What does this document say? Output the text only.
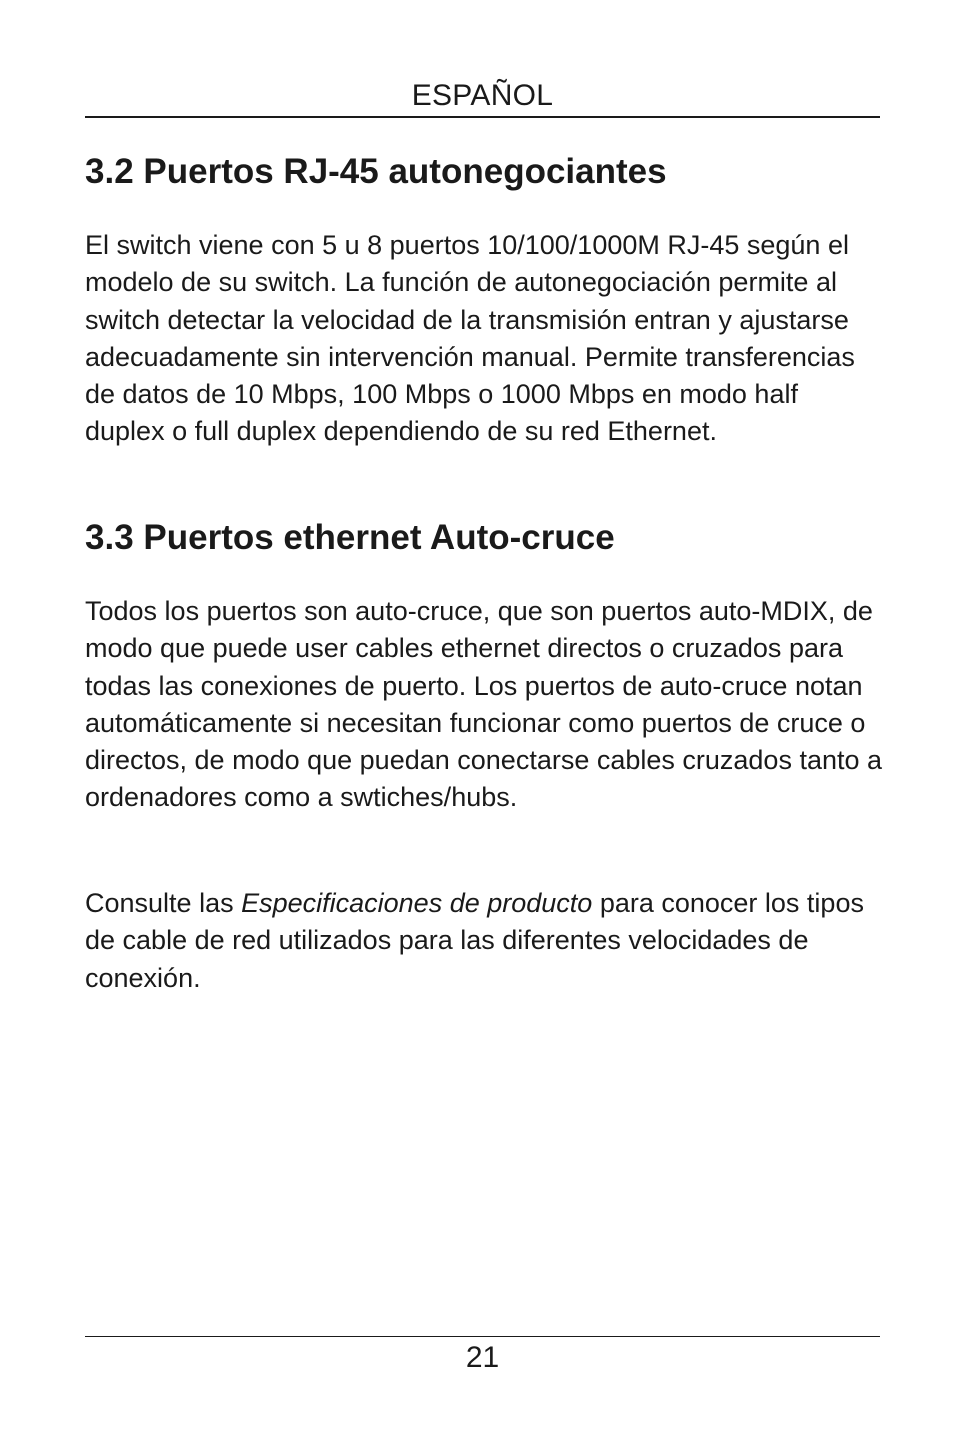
ESPAÑOL
3.2 Puertos RJ-45 autonegociantes

El switch viene con 5 u 8 puertos 10/100/1000M RJ-45 según el modelo de su switch. La función de autonegociación permite al switch detectar la velocidad de la transmisión entran y ajustarse adecuadamente sin intervención manual. Permite transferencias de datos de 10 Mbps, 100 Mbps o 1000 Mbps en modo half duplex o full duplex dependiendo de su red Ethernet.

3.3 Puertos ethernet Auto-cruce

Todos los puertos son auto-cruce, que son puertos auto-MDIX, de modo que puede user cables ethernet directos o cruzados para todas las conexiones de puerto. Los puertos de auto-cruce notan automáticamente si necesitan funcionar como puertos de cruce o directos, de modo que puedan conectarse cables cruzados tanto a ordenadores como a swtiches/hubs.

Consulte las Especificaciones de producto para conocer los tipos de cable de red utilizados para las diferentes velocidades de conexión.

21
